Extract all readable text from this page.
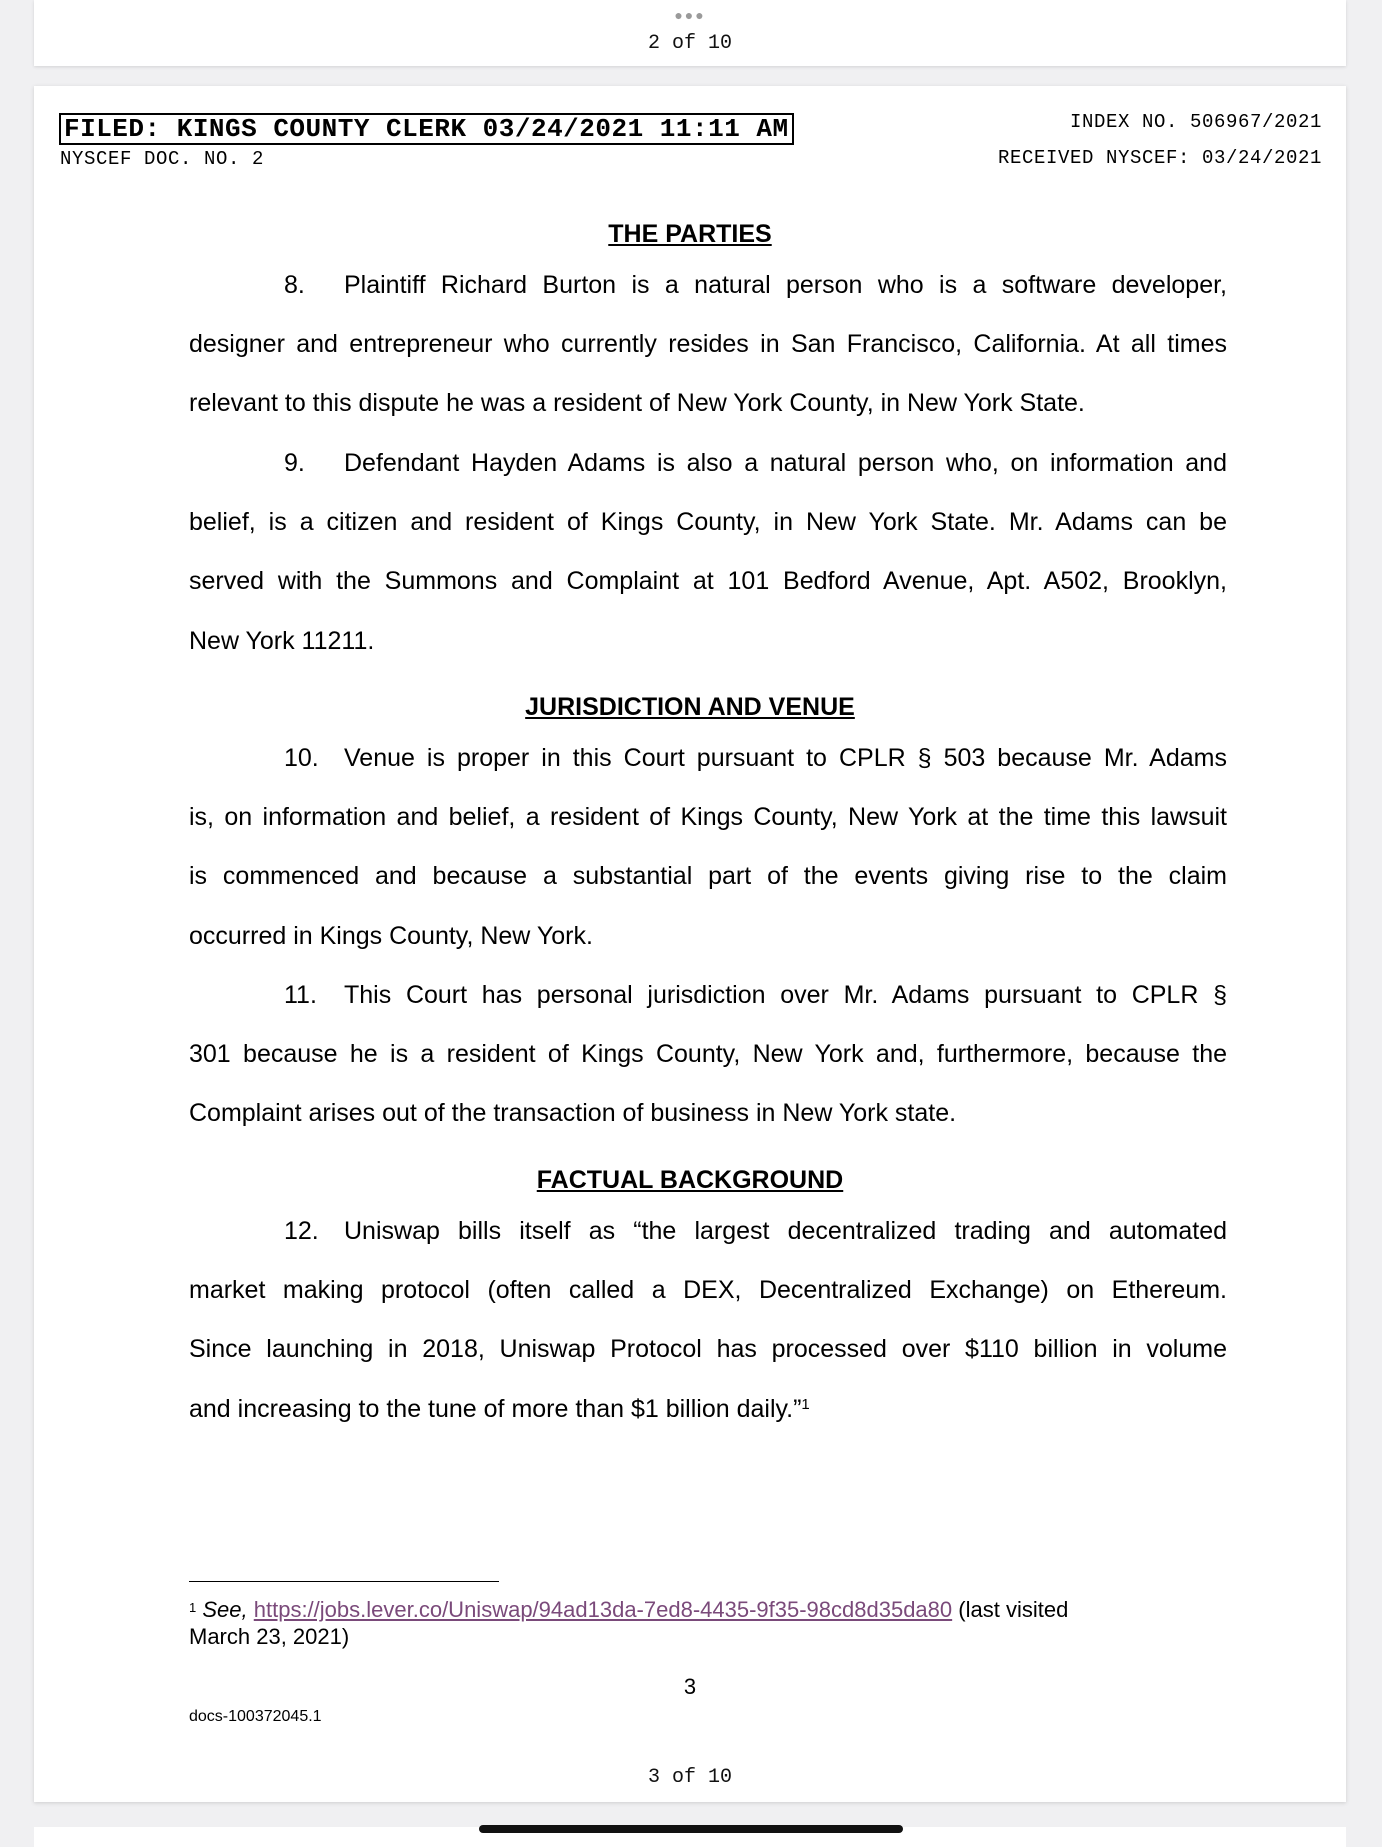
●●●
2 of 10
FILED: KINGS COUNTY CLERK 03/24/2021 11:11 AM
NYSCEF DOC. NO. 2
INDEX NO. 506967/2021
RECEIVED NYSCEF: 03/24/2021
THE PARTIES
8. Plaintiff Richard Burton is a natural person who is a software developer,
designer and entrepreneur who currently resides in San Francisco, California. At all times
relevant to this dispute he was a resident of New York County, in New York State.
9. Defendant Hayden Adams is also a natural person who, on information and
belief, is a citizen and resident of Kings County, in New York State. Mr. Adams can be
served with the Summons and Complaint at 101 Bedford Avenue, Apt. A502, Brooklyn,
New York 11211.
JURISDICTION AND VENUE
10. Venue is proper in this Court pursuant to CPLR § 503 because Mr. Adams
is, on information and belief, a resident of Kings County, New York at the time this lawsuit
is commenced and because a substantial part of the events giving rise to the claim
occurred in Kings County, New York.
11. This Court has personal jurisdiction over Mr. Adams pursuant to CPLR §
301 because he is a resident of Kings County, New York and, furthermore, because the
Complaint arises out of the transaction of business in New York state.
FACTUAL BACKGROUND
12. Uniswap bills itself as “the largest decentralized trading and automated
market making protocol (often called a DEX, Decentralized Exchange) on Ethereum.
Since launching in 2018, Uniswap Protocol has processed over $110 billion in volume
and increasing to the tune of more than $1 billion daily.”$^1$
$^1$ See, https://jobs.lever.co/Uniswap/94ad13da-7ed8-4435-9f35-98cd8d35da80 (last visited
March 23, 2021)
3
docs-100372045.1
3 of 10
